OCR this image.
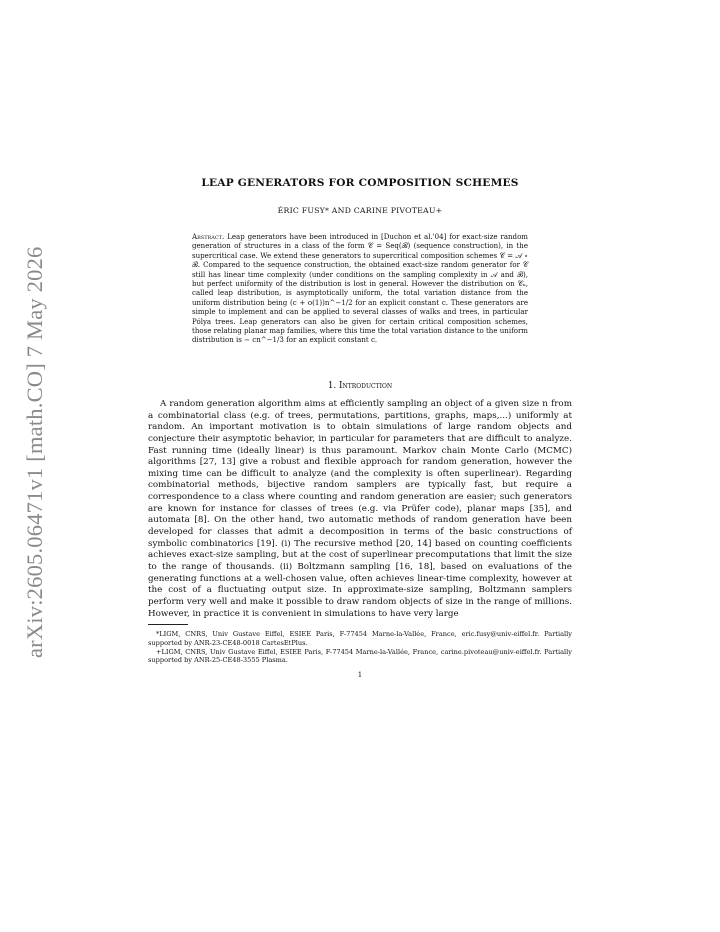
arXiv:2605.06471v1 [math.CO] 7 May 2026
LEAP GENERATORS FOR COMPOSITION SCHEMES
ÉRIC FUSY* AND CARINE PIVOTEAU+
Abstract. Leap generators have been introduced in [Duchon et al.'04] for exact-size random generation of structures in a class of the form 𝒞 = Seq(ℬ) (sequence construction), in the supercritical case. We extend these generators to supercritical composition schemes 𝒞 = 𝒜 ∘ ℬ. Compared to the sequence construction, the obtained exact-size random generator for 𝒞 still has linear time complexity (under conditions on the sampling complexity in 𝒜 and ℬ), but perfect uniformity of the distribution is lost in general. However the distribution on 𝒞ₙ, called leap distribution, is asymptotically uniform, the total variation distance from the uniform distribution being (c + o(1))n^−1/2 for an explicit constant c. These generators are simple to implement and can be applied to several classes of walks and trees, in particular Pólya trees. Leap generators can also be given for certain critical composition schemes, those relating planar map families, where this time the total variation distance to the uniform distribution is ∼ cn^−1/3 for an explicit constant c.
1. Introduction
A random generation algorithm aims at efficiently sampling an object of a given size n from a combinatorial class (e.g. of trees, permutations, partitions, graphs, maps,...) uniformly at random. An important motivation is to obtain simulations of large random objects and conjecture their asymptotic behavior, in particular for parameters that are difficult to analyze. Fast running time (ideally linear) is thus paramount. Markov chain Monte Carlo (MCMC) algorithms [27, 13] give a robust and flexible approach for random generation, however the mixing time can be difficult to analyze (and the complexity is often superlinear). Regarding combinatorial methods, bijective random samplers are typically fast, but require a correspondence to a class where counting and random generation are easier; such generators are known for instance for classes of trees (e.g. via Prüfer code), planar maps [35], and automata [8]. On the other hand, two automatic methods of random generation have been developed for classes that admit a decomposition in terms of the basic constructions of symbolic combinatorics [19]. (i) The recursive method [20, 14] based on counting coefficients achieves exact-size sampling, but at the cost of superlinear precomputations that limit the size to the range of thousands. (ii) Boltzmann sampling [16, 18], based on evaluations of the generating functions at a well-chosen value, often achieves linear-time complexity, however at the cost of a fluctuating output size. In approximate-size sampling, Boltzmann samplers perform very well and make it possible to draw random objects of size in the range of millions. However, in practice it is convenient in simulations to have very large

*LIGM, CNRS, Univ Gustave Eiffel, ESIEE Paris, F-77454 Marne-la-Vallée, France, eric.fusy@univ-eiffel.fr. Partially supported by ANR-23-CE48-0018 CartesEtPlus.

+LIGM, CNRS, Univ Gustave Eiffel, ESIEE Paris, F-77454 Marne-la-Vallée, France, carine.pivoteau@univ-eiffel.fr. Partially supported by ANR-25-CE48-3555 Plasma.

1
